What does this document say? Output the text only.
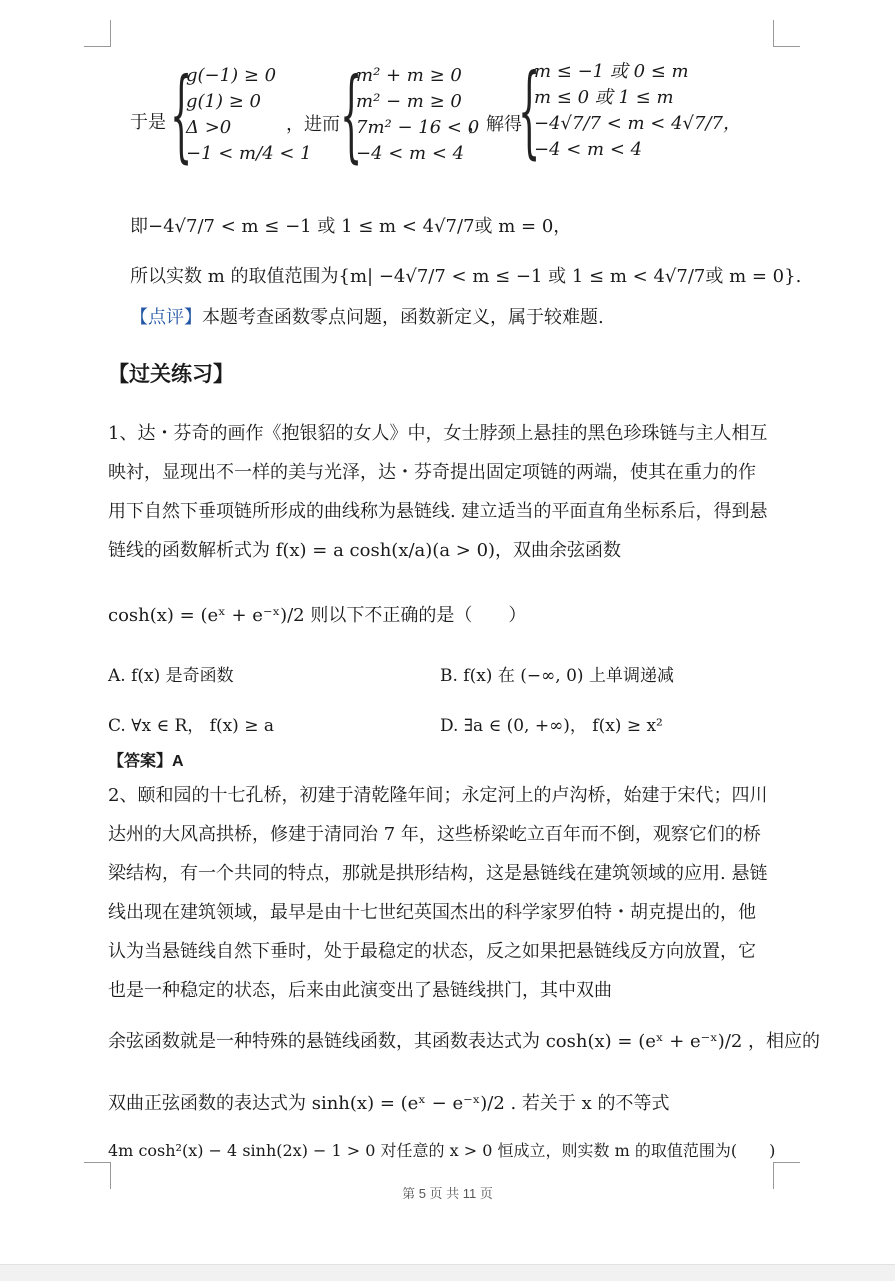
于是 {
g(−1) ≥ 0
g(1) ≥ 0
Δ >0
−1 < m/4 < 1
，进而 {
m² + m ≥ 0
m² − m ≥ 0
7m² − 16 < 0
−4 < m < 4
，解得
{
m ≤ −1 或 0 ≤ m
m ≤ 0 或 1 ≤ m
−4√7/7 < m < 4√7/7，
−4 < m < 4
即−4√7/7 < m ≤ −1 或 1 ≤ m < 4√7/7或 m = 0，
所以实数 m 的取值范围为{m| −4√7/7 < m ≤ −1 或 1 ≤ m < 4√7/7或 m = 0}.
【点评】本题考查函数零点问题，函数新定义，属于较难题.
【过关练习】
1、达・芬奇的画作《抱银貂的女人》中，女士脖颈上悬挂的黑色珍珠链与主人相互映衬，显现出不一样的美与光泽，达・芬奇提出固定项链的两端，使其在重力的作用下自然下垂项链所形成的曲线称为悬链线. 建立适当的平面直角坐标系后，得到悬链线的函数解析式为 f(x) = a cosh(x/a)(a > 0)，双曲余弦函数
cosh(x) = (eˣ + e⁻ˣ)/2 则以下不正确的是（　　）
A. f(x) 是奇函数	B. f(x) 在 (−∞, 0) 上单调递减
C. ∀x ∈ R， f(x) ≥ a	D. ∃a ∈ (0, +∞)， f(x) ≥ x²
【答案】A
2、颐和园的十七孔桥，初建于清乾隆年间；永定河上的卢沟桥，始建于宋代；四川达州的大风高拱桥，修建于清同治 7 年，这些桥梁屹立百年而不倒，观察它们的桥梁结构，有一个共同的特点，那就是拱形结构，这是悬链线在建筑领域的应用. 悬链线出现在建筑领域，最早是由十七世纪英国杰出的科学家罗伯特・胡克提出的，他认为当悬链线自然下垂时，处于最稳定的状态，反之如果把悬链线反方向放置，它也是一种稳定的状态，后来由此演变出了悬链线拱门，其中双曲
余弦函数就是一种特殊的悬链线函数，其函数表达式为 cosh(x) = (eˣ + e⁻ˣ)/2 ，相应的
双曲正弦函数的表达式为 sinh(x) = (eˣ − e⁻ˣ)/2 . 若关于 x 的不等式
4m cosh²(x) − 4 sinh(2x) − 1 > 0 对任意的 x > 0 恒成立，则实数 m 的取值范围为(　　)
第 5 页 共 11 页
